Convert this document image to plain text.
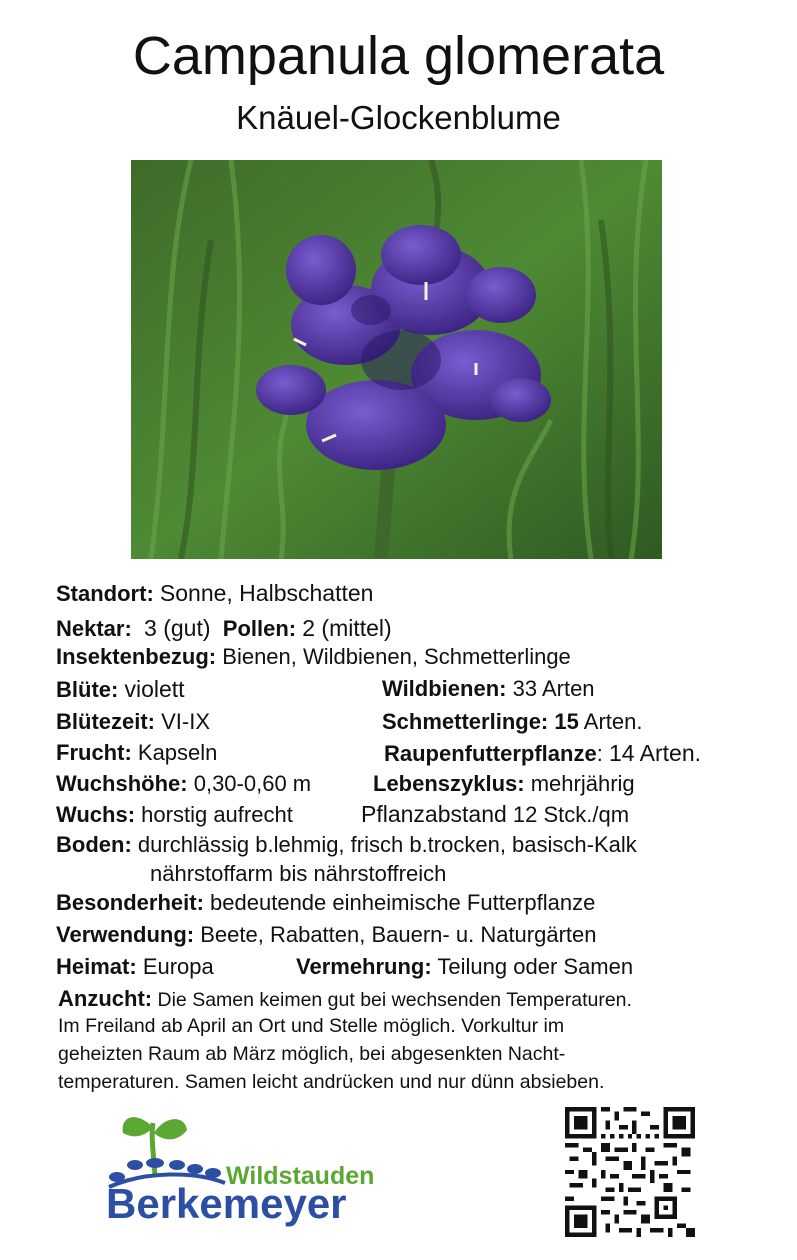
Campanula glomerata
Knäuel-Glockenblume
Standort: Sonne, Halbschatten
Nektar: 3 (gut) Pollen: 2 (mittel)
Insektenbezug: Bienen, Wildbienen, Schmetterlinge
Blüte: violett	Wildbienen: 33 Arten
Blütezeit: VI-IX	Schmetterlinge: 15 Arten.
Frucht: Kapseln	Raupenfutterpflanze: 14 Arten.
Wuchshöhe: 0,30-0,60 m	Lebenszyklus: mehrjährig
Wuchs: horstig aufrecht	Pflanzabstand 12 Stck./qm
Boden: durchlässig b.lehmig, frisch b.trocken, basisch-Kalk
nährstoffarm bis nährstoffreich
Besonderheit: bedeutende einheimische Futterpflanze
Verwendung: Beete, Rabatten, Bauern- u. Naturgärten
Heimat: Europa	Vermehrung: Teilung oder Samen
Anzucht: Die Samen keimen gut bei wechsenden Temperaturen.
Im Freiland ab April an Ort und Stelle möglich. Vorkultur im
geheizten Raum ab März möglich, bei abgesenkten Nacht-
temperaturen. Samen leicht andrücken und nur dünn absieben.
Wildstauden
Berkemeyer
